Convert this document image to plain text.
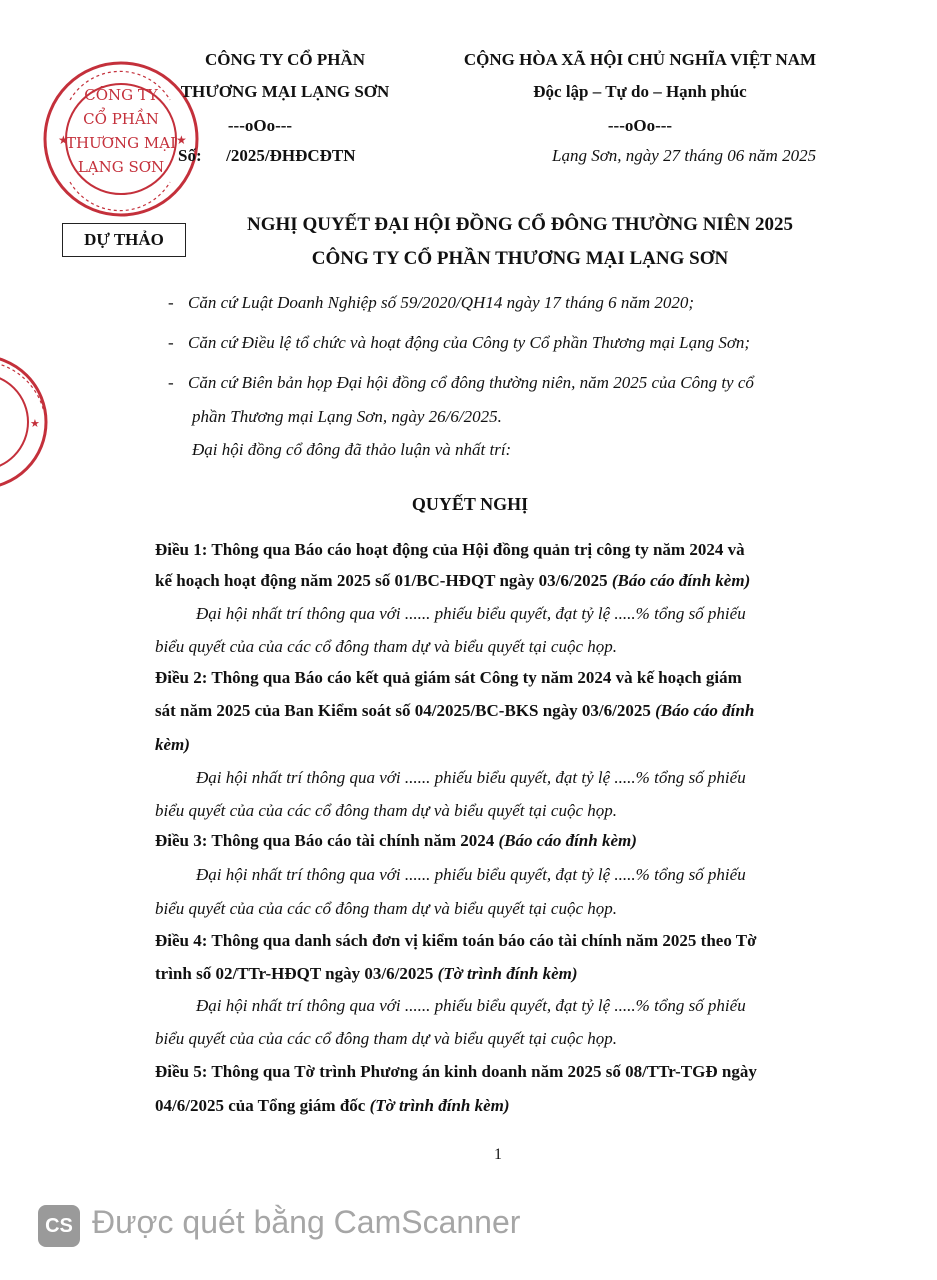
CÔNG TY
CỔ PHẦN
THƯƠNG MẠI
LẠNG SƠN
★	★
★
CÔNG TY CỔ PHẦN
THƯƠNG MẠI LẠNG SƠN
---oOo---
Số: /2025/ĐHĐCĐTN
CỘNG HÒA XÃ HỘI CHỦ NGHĨA VIỆT NAM
Độc lập – Tự do – Hạnh phúc
---oOo---
Lạng Sơn, ngày 27 tháng 06 năm 2025
DỰ THẢO
NGHỊ QUYẾT ĐẠI HỘI ĐỒNG CỔ ĐÔNG THƯỜNG NIÊN 2025
CÔNG TY CỔ PHẦN THƯƠNG MẠI LẠNG SƠN
- Căn cứ Luật Doanh Nghiệp số 59/2020/QH14 ngày 17 tháng 6 năm 2020;
- Căn cứ Điều lệ tổ chức và hoạt động của Công ty Cổ phần Thương mại Lạng Sơn;
- Căn cứ Biên bản họp Đại hội đồng cổ đông thường niên, năm 2025 của Công ty cổ
phần Thương mại Lạng Sơn, ngày 26/6/2025.
Đại hội đồng cổ đông đã thảo luận và nhất trí:
QUYẾT NGHỊ
Điều 1: Thông qua Báo cáo hoạt động của Hội đồng quản trị công ty năm 2024 và
kế hoạch hoạt động năm 2025 số 01/BC-HĐQT ngày 03/6/2025 (Báo cáo đính kèm)
Đại hội nhất trí thông qua với ...... phiếu biểu quyết, đạt tỷ lệ .....% tổng số phiếu
biểu quyết của của các cổ đông tham dự và biểu quyết tại cuộc họp.
Điều 2: Thông qua Báo cáo kết quả giám sát Công ty năm 2024 và kế hoạch giám
sát năm 2025 của Ban Kiểm soát số 04/2025/BC-BKS ngày 03/6/2025 (Báo cáo đính
kèm)
Đại hội nhất trí thông qua với ...... phiếu biểu quyết, đạt tỷ lệ .....% tổng số phiếu
biểu quyết của của các cổ đông tham dự và biểu quyết tại cuộc họp.
Điều 3: Thông qua Báo cáo tài chính năm 2024 (Báo cáo đính kèm)
Đại hội nhất trí thông qua với ...... phiếu biểu quyết, đạt tỷ lệ .....% tổng số phiếu
biểu quyết của của các cổ đông tham dự và biểu quyết tại cuộc họp.
Điều 4: Thông qua danh sách đơn vị kiểm toán báo cáo tài chính năm 2025 theo Tờ
trình số 02/TTr-HĐQT ngày 03/6/2025 (Tờ trình đính kèm)
Đại hội nhất trí thông qua với ...... phiếu biểu quyết, đạt tỷ lệ .....% tổng số phiếu
biểu quyết của của các cổ đông tham dự và biểu quyết tại cuộc họp.
Điều 5: Thông qua Tờ trình Phương án kinh doanh năm 2025 số 08/TTr-TGĐ ngày
04/6/2025 của Tổng giám đốc (Tờ trình đính kèm)
1
CS Được quét bằng CamScanner
